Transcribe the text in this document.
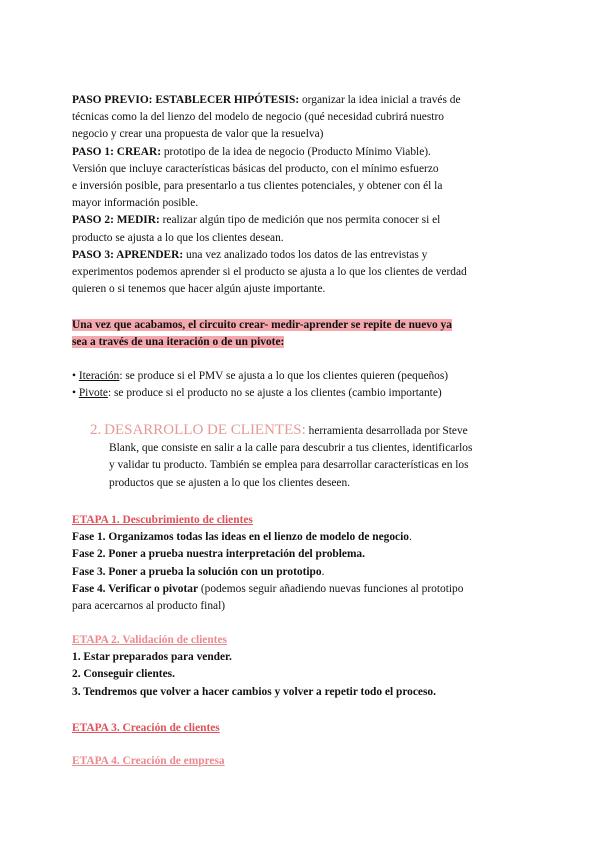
PASO PREVIO: ESTABLECER HIPÓTESIS: organizar la idea inicial a través de
técnicas como la del lienzo del modelo de negocio (qué necesidad cubrirá nuestro
negocio y crear una propuesta de valor que la resuelva)
PASO 1: CREAR: prototipo de la idea de negocio (Producto Mínimo Viable).
Versión que incluye características básicas del producto, con el mínimo esfuerzo
e inversión posible, para presentarlo a tus clientes potenciales, y obtener con él la
mayor información posible.
PASO 2: MEDIR: realizar algún tipo de medición que nos permita conocer si el
producto se ajusta a lo que los clientes desean.
PASO 3: APRENDER: una vez analizado todos los datos de las entrevistas y
experimentos podemos aprender si el producto se ajusta a lo que los clientes de verdad
quieren o si tenemos que hacer algún ajuste importante.
Una vez que acabamos, el circuito crear- medir-aprender se repite de nuevo ya
sea a través de una iteración o de un pivote:
• Iteración: se produce si el PMV se ajusta a lo que los clientes quieren (pequeños)
• Pivote: se produce si el producto no se ajuste a los clientes (cambio importante)
2. DESARROLLO DE CLIENTES: herramienta desarrollada por Steve
Blank, que consiste en salir a la calle para descubrir a tus clientes, identificarlos
y validar tu producto. También se emplea para desarrollar características en los
productos que se ajusten a lo que los clientes deseen.
ETAPA 1. Descubrimiento de clientes
Fase 1. Organizamos todas las ideas en el lienzo de modelo de negocio.
Fase 2. Poner a prueba nuestra interpretación del problema.
Fase 3. Poner a prueba la solución con un prototipo.
Fase 4. Verificar o pivotar (podemos seguir añadiendo nuevas funciones al prototipo
para acercarnos al producto final)
ETAPA 2. Validación de clientes
1. Estar preparados para vender.
2. Conseguir clientes.
3. Tendremos que volver a hacer cambios y volver a repetir todo el proceso.
ETAPA 3. Creación de clientes
ETAPA 4. Creación de empresa
